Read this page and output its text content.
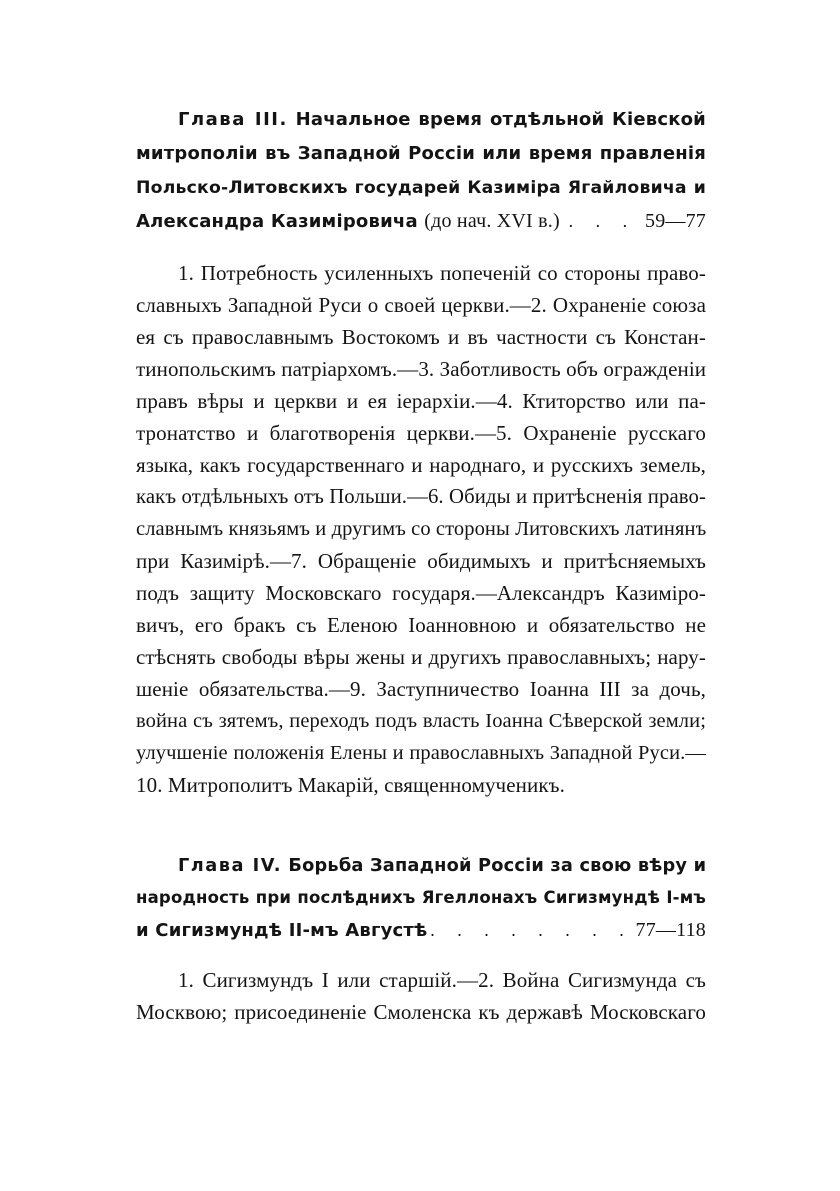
Глава III. Начальное время отдѣльной Кіевской
митрополіи въ Западной Россіи или время правленія
Польско-Литовскихъ государей Казиміра Ягайловича и
Александра Казиміровича (до нач. XVI в.) . . . 59—77
1. Потребность усиленныхъ попеченій со стороны право-
славныхъ Западной Руси о своей церкви.—2. Охраненіе союза
ея съ православнымъ Востокомъ и въ частности съ Констан-
тинопольскимъ патріархомъ.—3. Заботливость объ огражденіи
правъ вѣры и церкви и ея іерархіи.—4. Ктиторство или па-
тронатство и благотворенія церкви.—5. Охраненіе русскаго
языка, какъ государственнаго и народнаго, и русскихъ земель,
какъ отдѣльныхъ отъ Польши.—6. Обиды и притѣсненія право-
славнымъ князьямъ и другимъ со стороны Литовскихъ латинянъ
при Казимірѣ.—7. Обращеніе обидимыхъ и притѣсняемыхъ
подъ защиту Московскаго государя.—Александръ Казиміро-
вичъ, его бракъ съ Еленою Іоанновною и обязательство не
стѣснять свободы вѣры жены и другихъ православныхъ; нару-
шеніе обязательства.—9. Заступничество Іоанна III за дочь,
война съ зятемъ, переходъ подъ власть Іоанна Сѣверской земли;
улучшеніе положенія Елены и православныхъ Западной Руси.—
10. Митрополитъ Макарій, священномученикъ.
Глава IV. Борьба Западной Россіи за свою вѣру и
народность при послѣднихъ Ягеллонахъ Сигизмундѣ I-мъ
и Сигизмундѣ II-мъ Августѣ . . . . . . . . 77—118
1. Сигизмундъ I или старшій.—2. Война Сигизмунда съ
Москвою; присоединеніе Смоленска къ державѣ Московскаго
